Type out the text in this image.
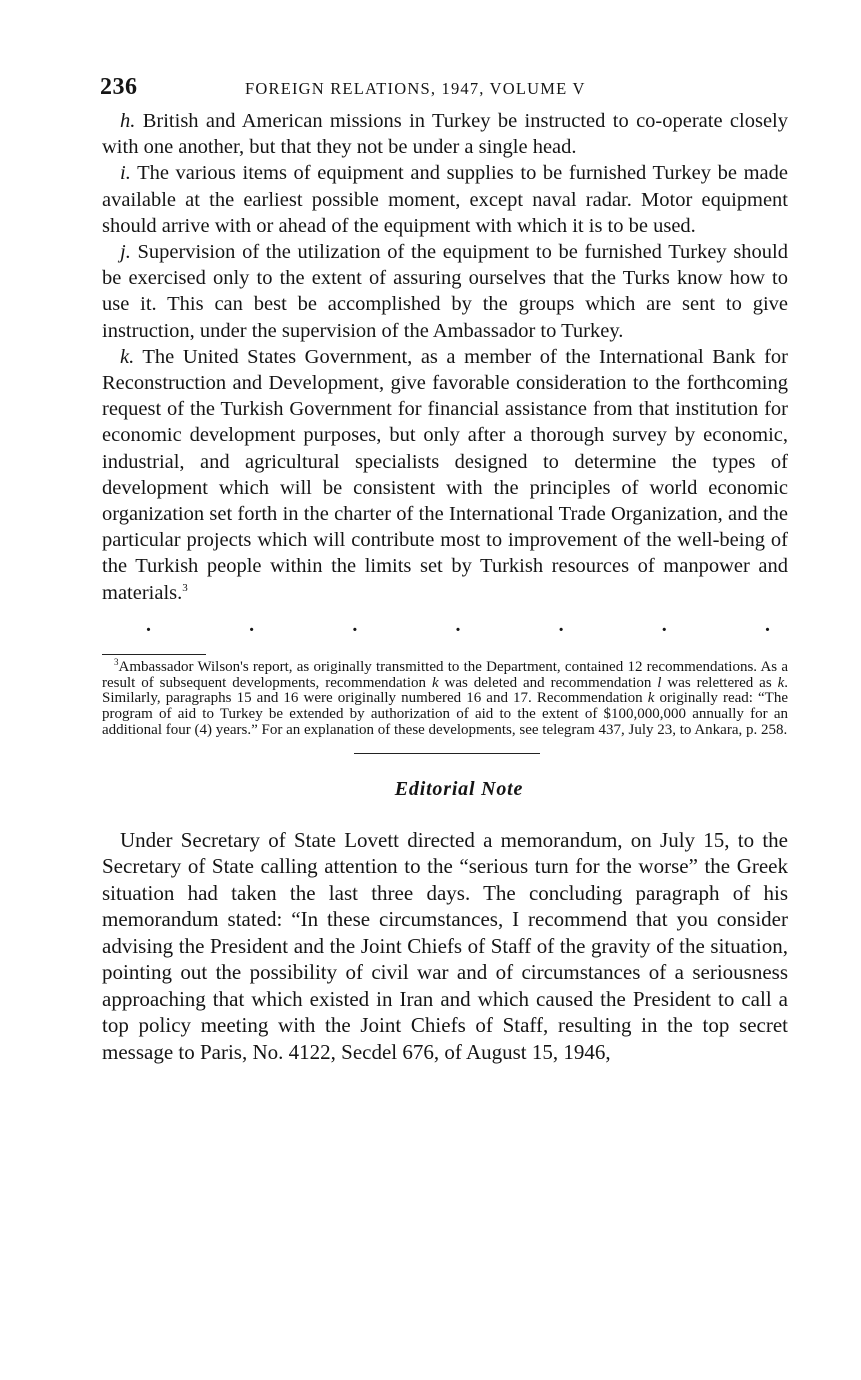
236	FOREIGN RELATIONS, 1947, VOLUME V

h. British and American missions in Turkey be instructed to co-operate closely with one another, but that they not be under a single head.

i. The various items of equipment and supplies to be furnished Turkey be made available at the earliest possible moment, except naval radar. Motor equipment should arrive with or ahead of the equipment with which it is to be used.

j. Supervision of the utilization of the equipment to be furnished Turkey should be exercised only to the extent of assuring ourselves that the Turks know how to use it. This can best be accomplished by the groups which are sent to give instruction, under the supervision of the Ambassador to Turkey.

k. The United States Government, as a member of the International Bank for Reconstruction and Development, give favorable consideration to the forthcoming request of the Turkish Government for financial assistance from that institution for economic development purposes, but only after a thorough survey by economic, industrial, and agricultural specialists designed to determine the types of development which will be consistent with the principles of world economic organization set forth in the charter of the International Trade Organization, and the particular projects which will contribute most to improvement of the well-being of the Turkish people within the limits set by Turkish resources of manpower and materials.$^3$

.	.	.	.	.	.	.

$^3$Ambassador Wilson's report, as originally transmitted to the Department, contained 12 recommendations. As a result of subsequent developments, recommendation k was deleted and recommendation l was relettered as k. Similarly, paragraphs 15 and 16 were originally numbered 16 and 17. Recommendation k originally read: “The program of aid to Turkey be extended by authorization of aid to the extent of $100,000,000 annually for an additional four (4) years.” For an explanation of these developments, see telegram 437, July 23, to Ankara, p. 258.

Editorial Note

Under Secretary of State Lovett directed a memorandum, on July 15, to the Secretary of State calling attention to the “serious turn for the worse” the Greek situation had taken the last three days. The concluding paragraph of his memorandum stated: “In these circumstances, I recommend that you consider advising the President and the Joint Chiefs of Staff of the gravity of the situation, pointing out the possibility of civil war and of circumstances of a seriousness approaching that which existed in Iran and which caused the President to call a top policy meeting with the Joint Chiefs of Staff, resulting in the top secret message to Paris, No. 4122, Secdel 676, of August 15, 1946,
